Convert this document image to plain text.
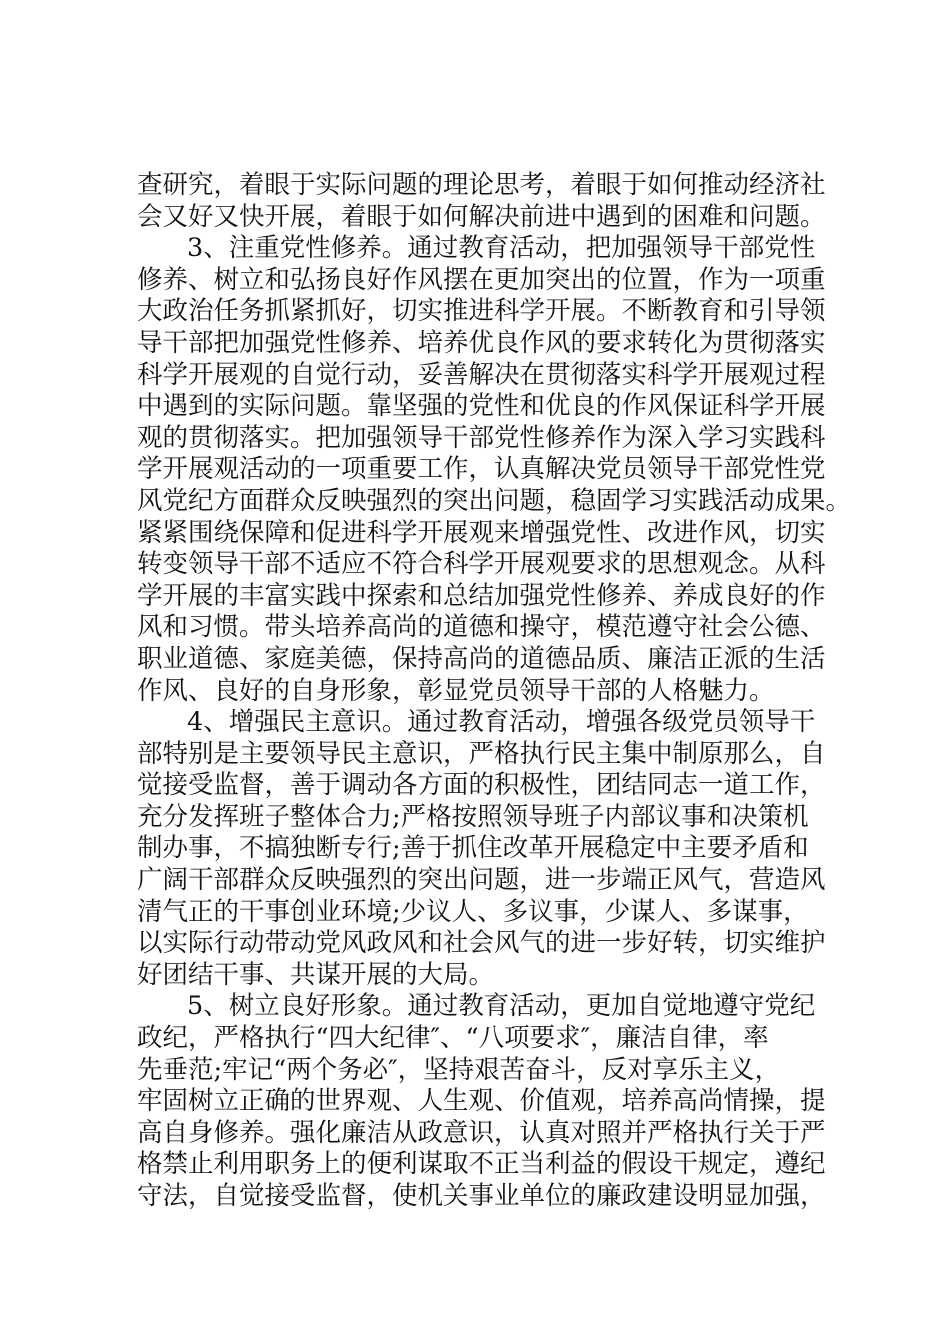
查研究，着眼于实际问题的理论思考，着眼于如何推动经济社
会又好又快开展，着眼于如何解决前进中遇到的困难和问题。
3、注重党性修养。通过教育活动，把加强领导干部党性
修养、树立和弘扬良好作风摆在更加突出的位置，作为一项重
大政治任务抓紧抓好，切实推进科学开展。不断教育和引导领
导干部把加强党性修养、培养优良作风的要求转化为贯彻落实
科学开展观的自觉行动，妥善解决在贯彻落实科学开展观过程
中遇到的实际问题。靠坚强的党性和优良的作风保证科学开展
观的贯彻落实。把加强领导干部党性修养作为深入学习实践科
学开展观活动的一项重要工作，认真解决党员领导干部党性党
风党纪方面群众反映强烈的突出问题，稳固学习实践活动成果。
紧紧围绕保障和促进科学开展观来增强党性、改进作风，切实
转变领导干部不适应不符合科学开展观要求的思想观念。从科
学开展的丰富实践中探索和总结加强党性修养、养成良好的作
风和习惯。带头培养高尚的道德和操守，模范遵守社会公德、
职业道德、家庭美德，保持高尚的道德品质、廉洁正派的生活
作风、良好的自身形象，彰显党员领导干部的人格魅力。
4、增强民主意识。通过教育活动，增强各级党员领导干
部特别是主要领导民主意识，严格执行民主集中制原那么，自
觉接受监督，善于调动各方面的积极性，团结同志一道工作，
充分发挥班子整体合力;严格按照领导班子内部议事和决策机
制办事，不搞独断专行;善于抓住改革开展稳定中主要矛盾和
广阔干部群众反映强烈的突出问题，进一步端正风气，营造风
清气正的干事创业环境;少议人、多议事，少谋人、多谋事，
以实际行动带动党风政风和社会风气的进一步好转，切实维护
好团结干事、共谋开展的大局。
5、树立良好形象。通过教育活动，更加自觉地遵守党纪
政纪，严格执行“四大纪律″、“八项要求″，廉洁自律，率
先垂范;牢记“两个务必″，坚持艰苦奋斗，反对享乐主义，
牢固树立正确的世界观、人生观、价值观，培养高尚情操，提
高自身修养。强化廉洁从政意识，认真对照并严格执行关于严
格禁止利用职务上的便利谋取不正当利益的假设干规定，遵纪
守法，自觉接受监督，使机关事业单位的廉政建设明显加强，
